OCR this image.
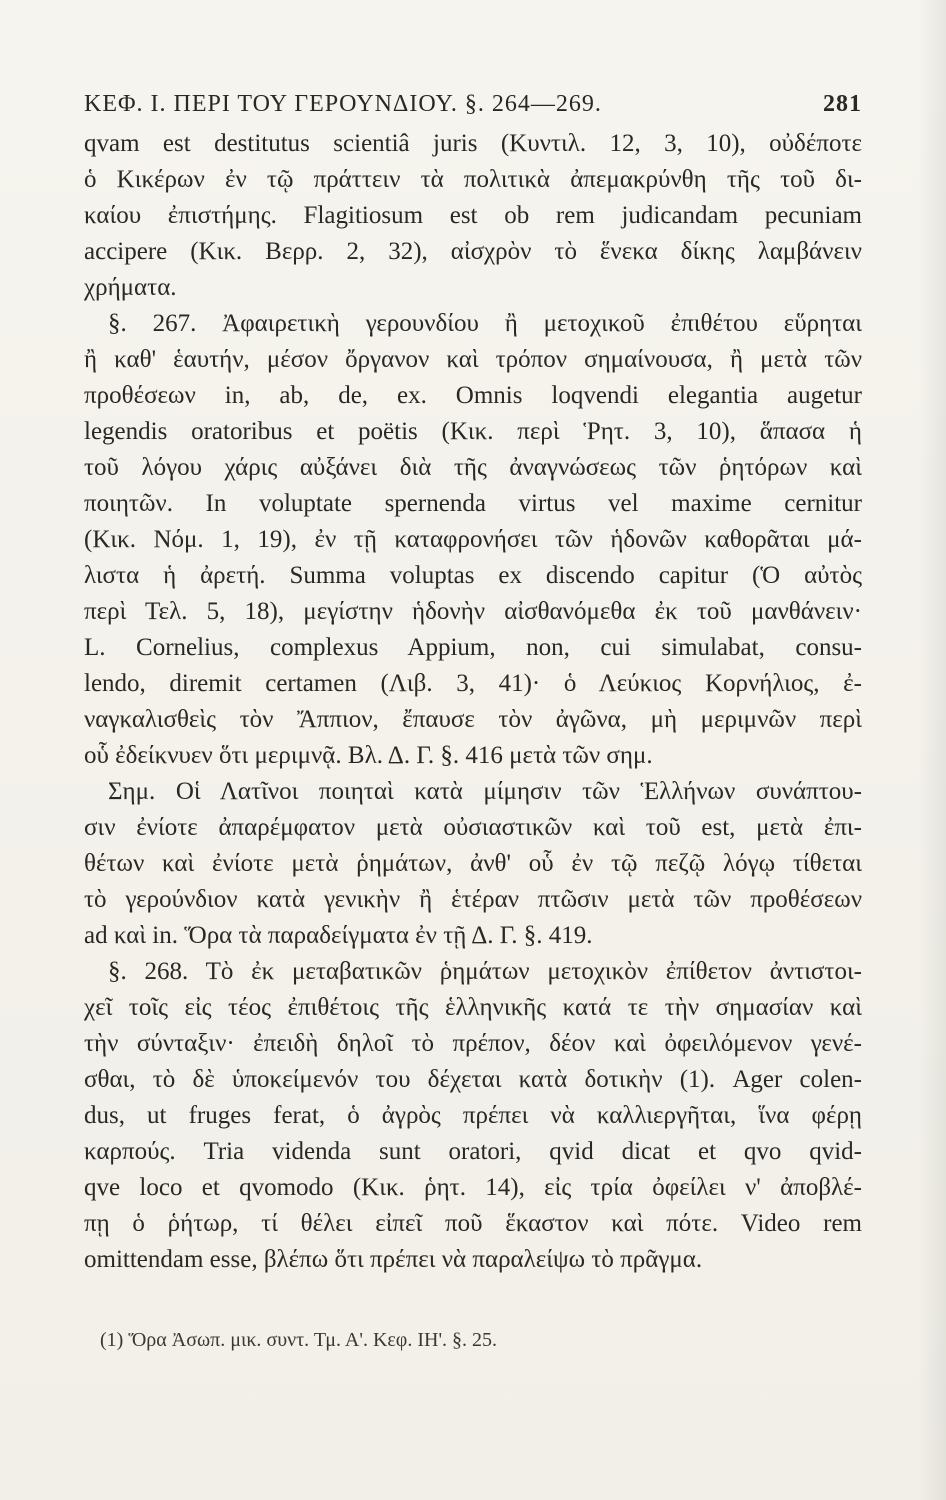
ΚΕΦ. Ι. ΠΕΡΙ ΤΟΥ ΓΕΡΟΥΝΔΙΟΥ. §. 264—269.	281
qvam est destitutus scientiâ juris (Κυντιλ. 12, 3, 10), οὐδέποτε
ὁ Κικέρων ἐν τῷ πράττειν τὰ πολιτικὰ ἀπεμακρύνθη τῆς τοῦ δι-
καίου ἐπιστήμης. Flagitiosum est ob rem judicandam pecuniam
accipere (Κικ. Βερρ. 2, 32), αἰσχρὸν τὸ ἕνεκα δίκης λαμβάνειν
χρήματα.
§. 267. Ἀφαιρετικὴ γερουνδίου ἢ μετοχικοῦ ἐπιθέτου εὕρηται
ἢ καθ' ἑαυτήν, μέσον ὄργανον καὶ τρόπον σημαίνουσα, ἢ μετὰ τῶν
προθέσεων in, ab, de, ex. Omnis loqvendi elegantia augetur
legendis oratoribus et poëtis (Κικ. περὶ Ῥητ. 3, 10), ἅπασα ἡ
τοῦ λόγου χάρις αὐξάνει διὰ τῆς ἀναγνώσεως τῶν ῥητόρων καὶ
ποιητῶν. In voluptate spernenda virtus vel maxime cernitur
(Κικ. Νόμ. 1, 19), ἐν τῇ καταφρονήσει τῶν ἡδονῶν καθορᾶται μά-
λιστα ἡ ἀρετή. Summa voluptas ex discendo capitur (Ὁ αὐτὸς
περὶ Τελ. 5, 18), μεγίστην ἡδονὴν αἰσθανόμεθα ἐκ τοῦ μανθάνειν·
L. Cornelius, complexus Appium, non, cui simulabat, consu-
lendo, diremit certamen (Λιβ. 3, 41)· ὁ Λεύκιος Κορνήλιος, ἐ-
ναγκαλισθεὶς τὸν Ἄππιον, ἔπαυσε τὸν ἀγῶνα, μὴ μεριμνῶν περὶ
οὗ ἐδείκνυεν ὅτι μεριμνᾷ. Βλ. Δ. Γ. §. 416 μετὰ τῶν σημ.
Σημ. Οἱ Λατῖνοι ποιηταὶ κατὰ μίμησιν τῶν Ἑλλήνων συνάπτου-
σιν ἐνίοτε ἀπαρέμφατον μετὰ οὐσιαστικῶν καὶ τοῦ est, μετὰ ἐπι-
θέτων καὶ ἐνίοτε μετὰ ῥημάτων, ἀνθ' οὗ ἐν τῷ πεζῷ λόγῳ τίθεται
τὸ γερούνδιον κατὰ γενικὴν ἢ ἑτέραν πτῶσιν μετὰ τῶν προθέσεων
ad καὶ in. Ὅρα τὰ παραδείγματα ἐν τῇ Δ. Γ. §. 419.
§. 268. Τὸ ἐκ μεταβατικῶν ῥημάτων μετοχικὸν ἐπίθετον ἀντιστοι-
χεῖ τοῖς εἰς τέος ἐπιθέτοις τῆς ἑλληνικῆς κατά τε τὴν σημασίαν καὶ
τὴν σύνταξιν· ἐπειδὴ δηλοῖ τὸ πρέπον, δέον καὶ ὀφειλόμενον γενέ-
σθαι, τὸ δὲ ὑποκείμενόν του δέχεται κατὰ δοτικὴν (1). Ager colen-
dus, ut fruges ferat, ὁ ἀγρὸς πρέπει νὰ καλλιεργῆται, ἵνα φέρῃ
καρπούς. Tria videnda sunt oratori, qvid dicat et qvo qvid-
qve loco et qvomodo (Κικ. ῥητ. 14), εἰς τρία ὀφείλει ν' ἀποβλέ-
πῃ ὁ ῥήτωρ, τί θέλει εἰπεῖ ποῦ ἕκαστον καὶ πότε. Video rem
omittendam esse, βλέπω ὅτι πρέπει νὰ παραλείψω τὸ πρᾶγμα.
(1) Ὅρα Ἀσωπ. μικ. συντ. Τμ. Α'. Κεφ. ΙΗ'. §. 25.
